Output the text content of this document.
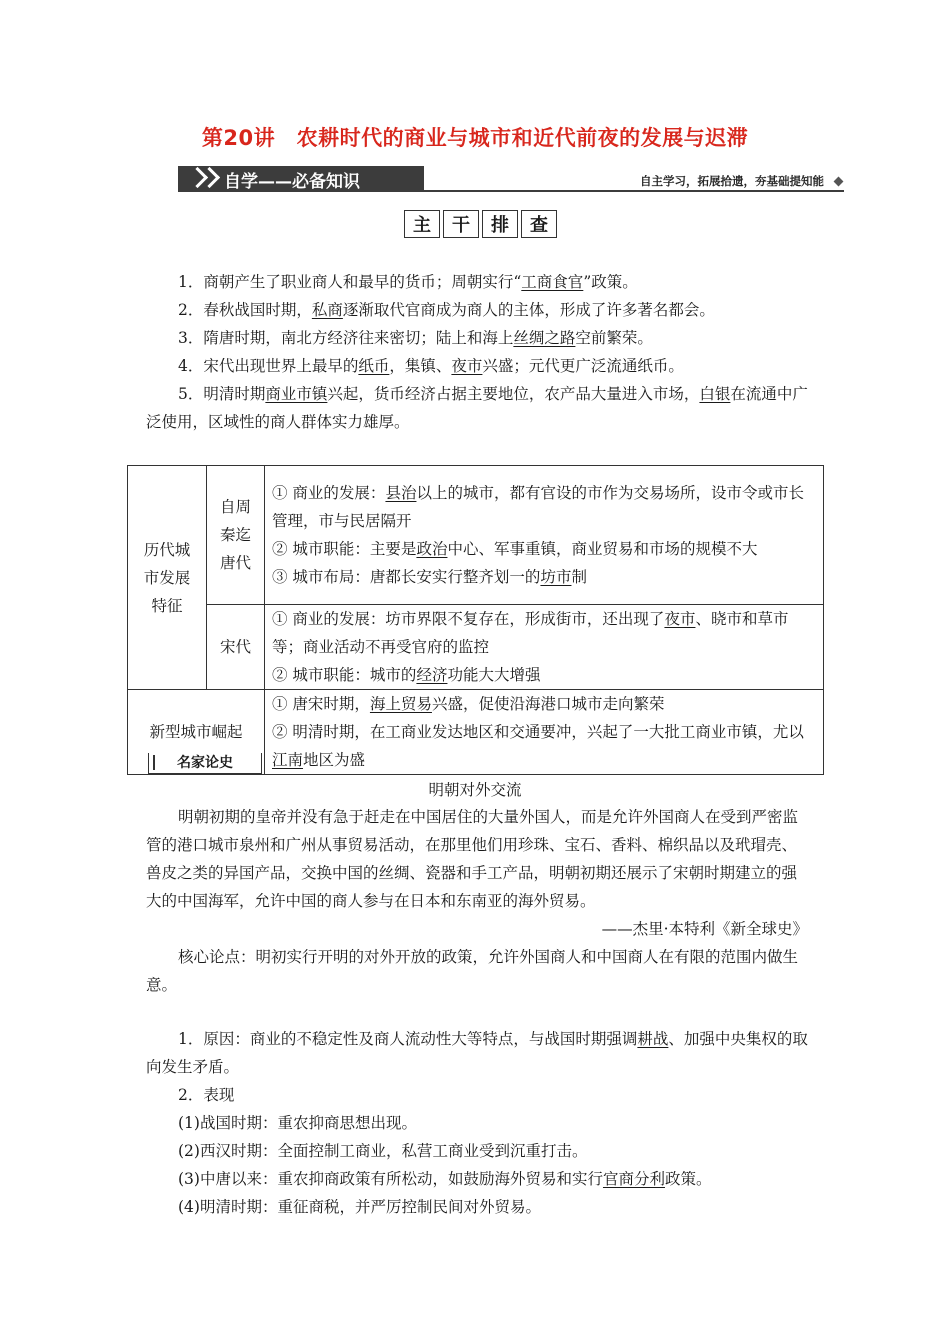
第20讲　农耕时代的商业与城市和近代前夜的发展与迟滞
自学——必备知识	自主学习，拓展拾遗，夯基础提知能
主	干	排	查
1．商朝产生了职业商人和最早的货币；周朝实行“工商食官”政策。
2．春秋战国时期，私商逐渐取代官商成为商人的主体，形成了许多著名都会。
3．隋唐时期，南北方经济往来密切；陆上和海上丝绸之路空前繁荣。
4．宋代出现世界上最早的纸币，集镇、夜市兴盛；元代更广泛流通纸币。
5．明清时期商业市镇兴起，货币经济占据主要地位，农产品大量进入市场，白银在流通中广泛使用，区域性的商人群体实力雄厚。
历代城市发展特征	自周秦迄唐代	① 商业的发展：县治以上的城市，都有官设的市作为交易场所，设市令或市长管理，市与民居隔开
② 城市职能：主要是政治中心、军事重镇，商业贸易和市场的规模不大
③ 城市布局：唐都长安实行整齐划一的坊市制

	宋代	① 商业的发展：坊市界限不复存在，形成街市，还出现了夜市、晓市和草市等；商业活动不再受官府的监控
② 城市职能：城市的经济功能大大增强

新型城市崛起		① 唐宋时期，海上贸易兴盛，促使沿海港口城市走向繁荣
② 明清时期，在工商业发达地区和交通要冲，兴起了一大批工商业市镇，尤以江南地区为盛
名家论史
明朝对外交流
明朝初期的皇帝并没有急于赶走在中国居住的大量外国人，而是允许外国商人在受到严密监管的港口城市泉州和广州从事贸易活动，在那里他们用珍珠、宝石、香料、棉织品以及玳瑁壳、兽皮之类的异国产品，交换中国的丝绸、瓷器和手工产品，明朝初期还展示了宋朝时期建立的强大的中国海军，允许中国的商人参与在日本和东南亚的海外贸易。
——杰里·本特利《新全球史》
核心论点：明初实行开明的对外开放的政策，允许外国商人和中国商人在有限的范围内做生意。
1．原因：商业的不稳定性及商人流动性大等特点，与战国时期强调耕战、加强中央集权的取向发生矛盾。
2．表现
(1)战国时期：重农抑商思想出现。
(2)西汉时期：全面控制工商业，私营工商业受到沉重打击。
(3)中唐以来：重农抑商政策有所松动，如鼓励海外贸易和实行官商分利政策。
(4)明清时期：重征商税，并严厉控制民间对外贸易。
